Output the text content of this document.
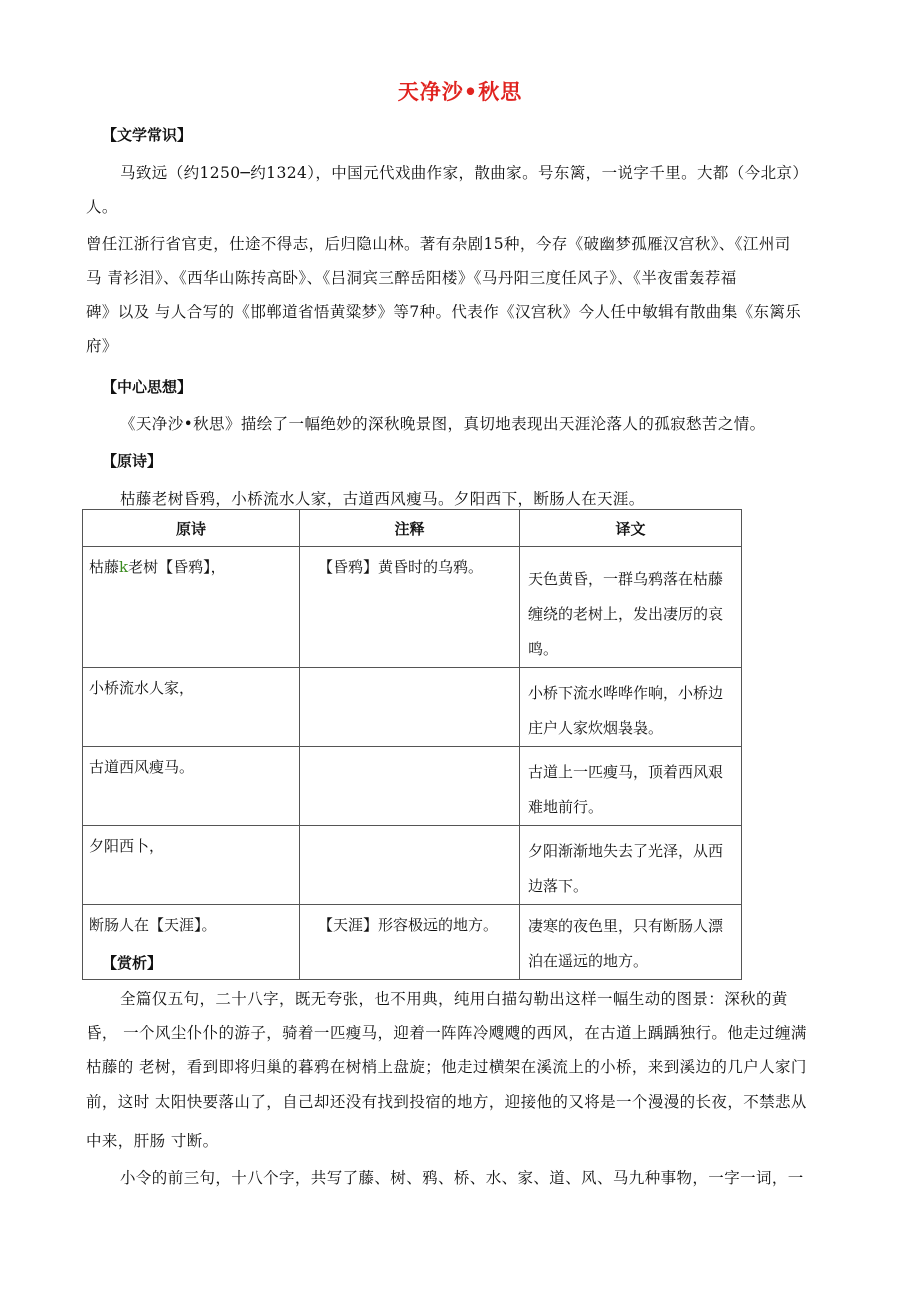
天净沙•秋思
【文学常识】

马致远（约1250─约1324），中国元代戏曲作家，散曲家。号东篱，一说字千里。大都（今北京）

人。

曾任江浙行省官吏，仕途不得志，后归隐山林。著有杂剧15种，今存《破幽梦孤雁汉宫秋》、《江州司

马 青衫泪》、《西华山陈抟高卧》、《吕洞宾三醉岳阳楼》《马丹阳三度任风子》、《半夜雷轰荐福

碑》以及 与人合写的《邯郸道省悟黄粱梦》等7种。代表作《汉宫秋》今人任中敏辑有散曲集《东篱乐

府》

【中心思想】

《天净沙•秋思》描绘了一幅绝妙的深秋晚景图，真切地表现出天涯沦落人的孤寂愁苦之情。

【原诗】

枯藤老树昏鸦，小桥流水人家，古道西风瘦马。夕阳西下，断肠人在天涯。

原诗	注释	译文
枯藤k老树【昏鸦】，	【昏鸦】黄昏时的乌鸦。	天色黄昏，一群乌鸦落在枯藤缠绕的老树上，发出凄厉的哀鸣。
小桥流水人家，		小桥下流水哗哗作响，小桥边庄户人家炊烟袅袅。
古道西风瘦马。		古道上一匹瘦马，顶着西风艰难地前行。
夕阳西卜，		夕阳渐渐地失去了光泽，从西边落下。
断肠人在【天涯】。	【天涯】形容极远的地方。	凄寒的夜色里，只有断肠人漂泊在遥远的地方。
【赏析】

全篇仅五句，二十八字，既无夸张，也不用典，纯用白描勾勒出这样一幅生动的图景：深秋的黄

昏， 一个风尘仆仆的游子，骑着一匹瘦马，迎着一阵阵冷飕飕的西风，在古道上踽踽独行。他走过缠满

枯藤的 老树，看到即将归巢的暮鸦在树梢上盘旋；他走过横架在溪流上的小桥，来到溪边的几户人家门

前，这时 太阳快要落山了，自己却还没有找到投宿的地方，迎接他的又将是一个漫漫的长夜，不禁悲从

中来，肝肠 寸断。

小令的前三句，十八个字，共写了藤、树、鸦、桥、水、家、道、风、马九种事物，一字一词，一
